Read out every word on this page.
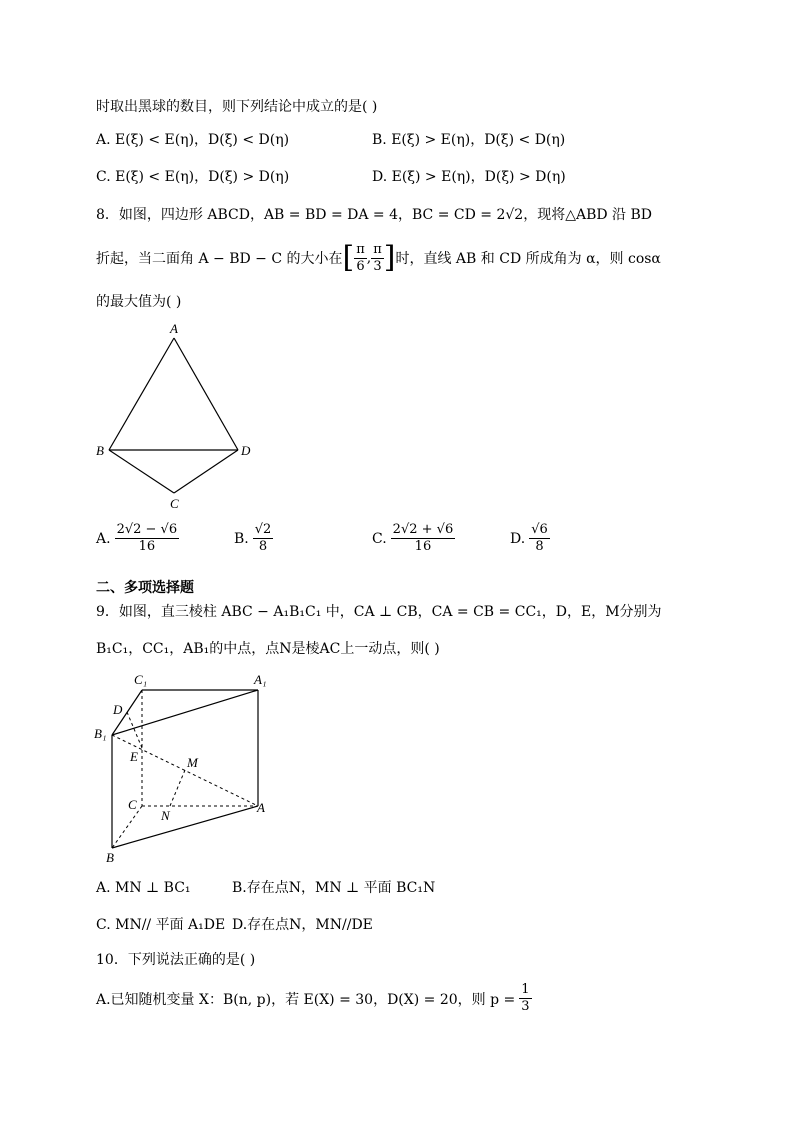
时取出黑球的数目，则下列结论中成立的是( )
A. E(ξ) < E(η)，D(ξ) < D(η)	B. E(ξ) > E(η)，D(ξ) < D(η)
C. E(ξ) < E(η)，D(ξ) > D(η)	D. E(ξ) > E(η)，D(ξ) > D(η)
8．如图，四边形 ABCD，AB = BD = DA = 4，BC = CD = 2√2，现将△ABD 沿 BD
折起，当二面角 A − BD − C 的大小在 [ $\frac{\pi}{6}$ , $\frac{\pi}{3}$ ] 时，直线 AB 和 CD 所成角为 α，则 cosα
的最大值为( )
A
B	D
C
A. $\frac{2√2 - √6}{16}$	B. $\frac{√2}{8}$	C. $\frac{2√2 + √6}{16}$	D. $\frac{√6}{8}$
二、多项选择题
9．如图，直三棱柱 ABC − A₁B₁C₁ 中，CA ⊥ CB，CA = CB = CC₁，D，E，M分别为
B₁C₁，CC₁，AB₁的中点，点N是棱AC上一动点，则( )
C₁	A₁
D
B₁
E	M
C
N
A
B
A. MN ⊥ BC₁	B.存在点N，MN ⊥ 平面 BC₁N
C. MN// 平面 A₁DE D.存在点N，MN//DE
10．下列说法正确的是( )
A.已知随机变量 X：B(n, p)，若 E(X) = 30，D(X) = 20，则 $p = \frac{1}{3}$
